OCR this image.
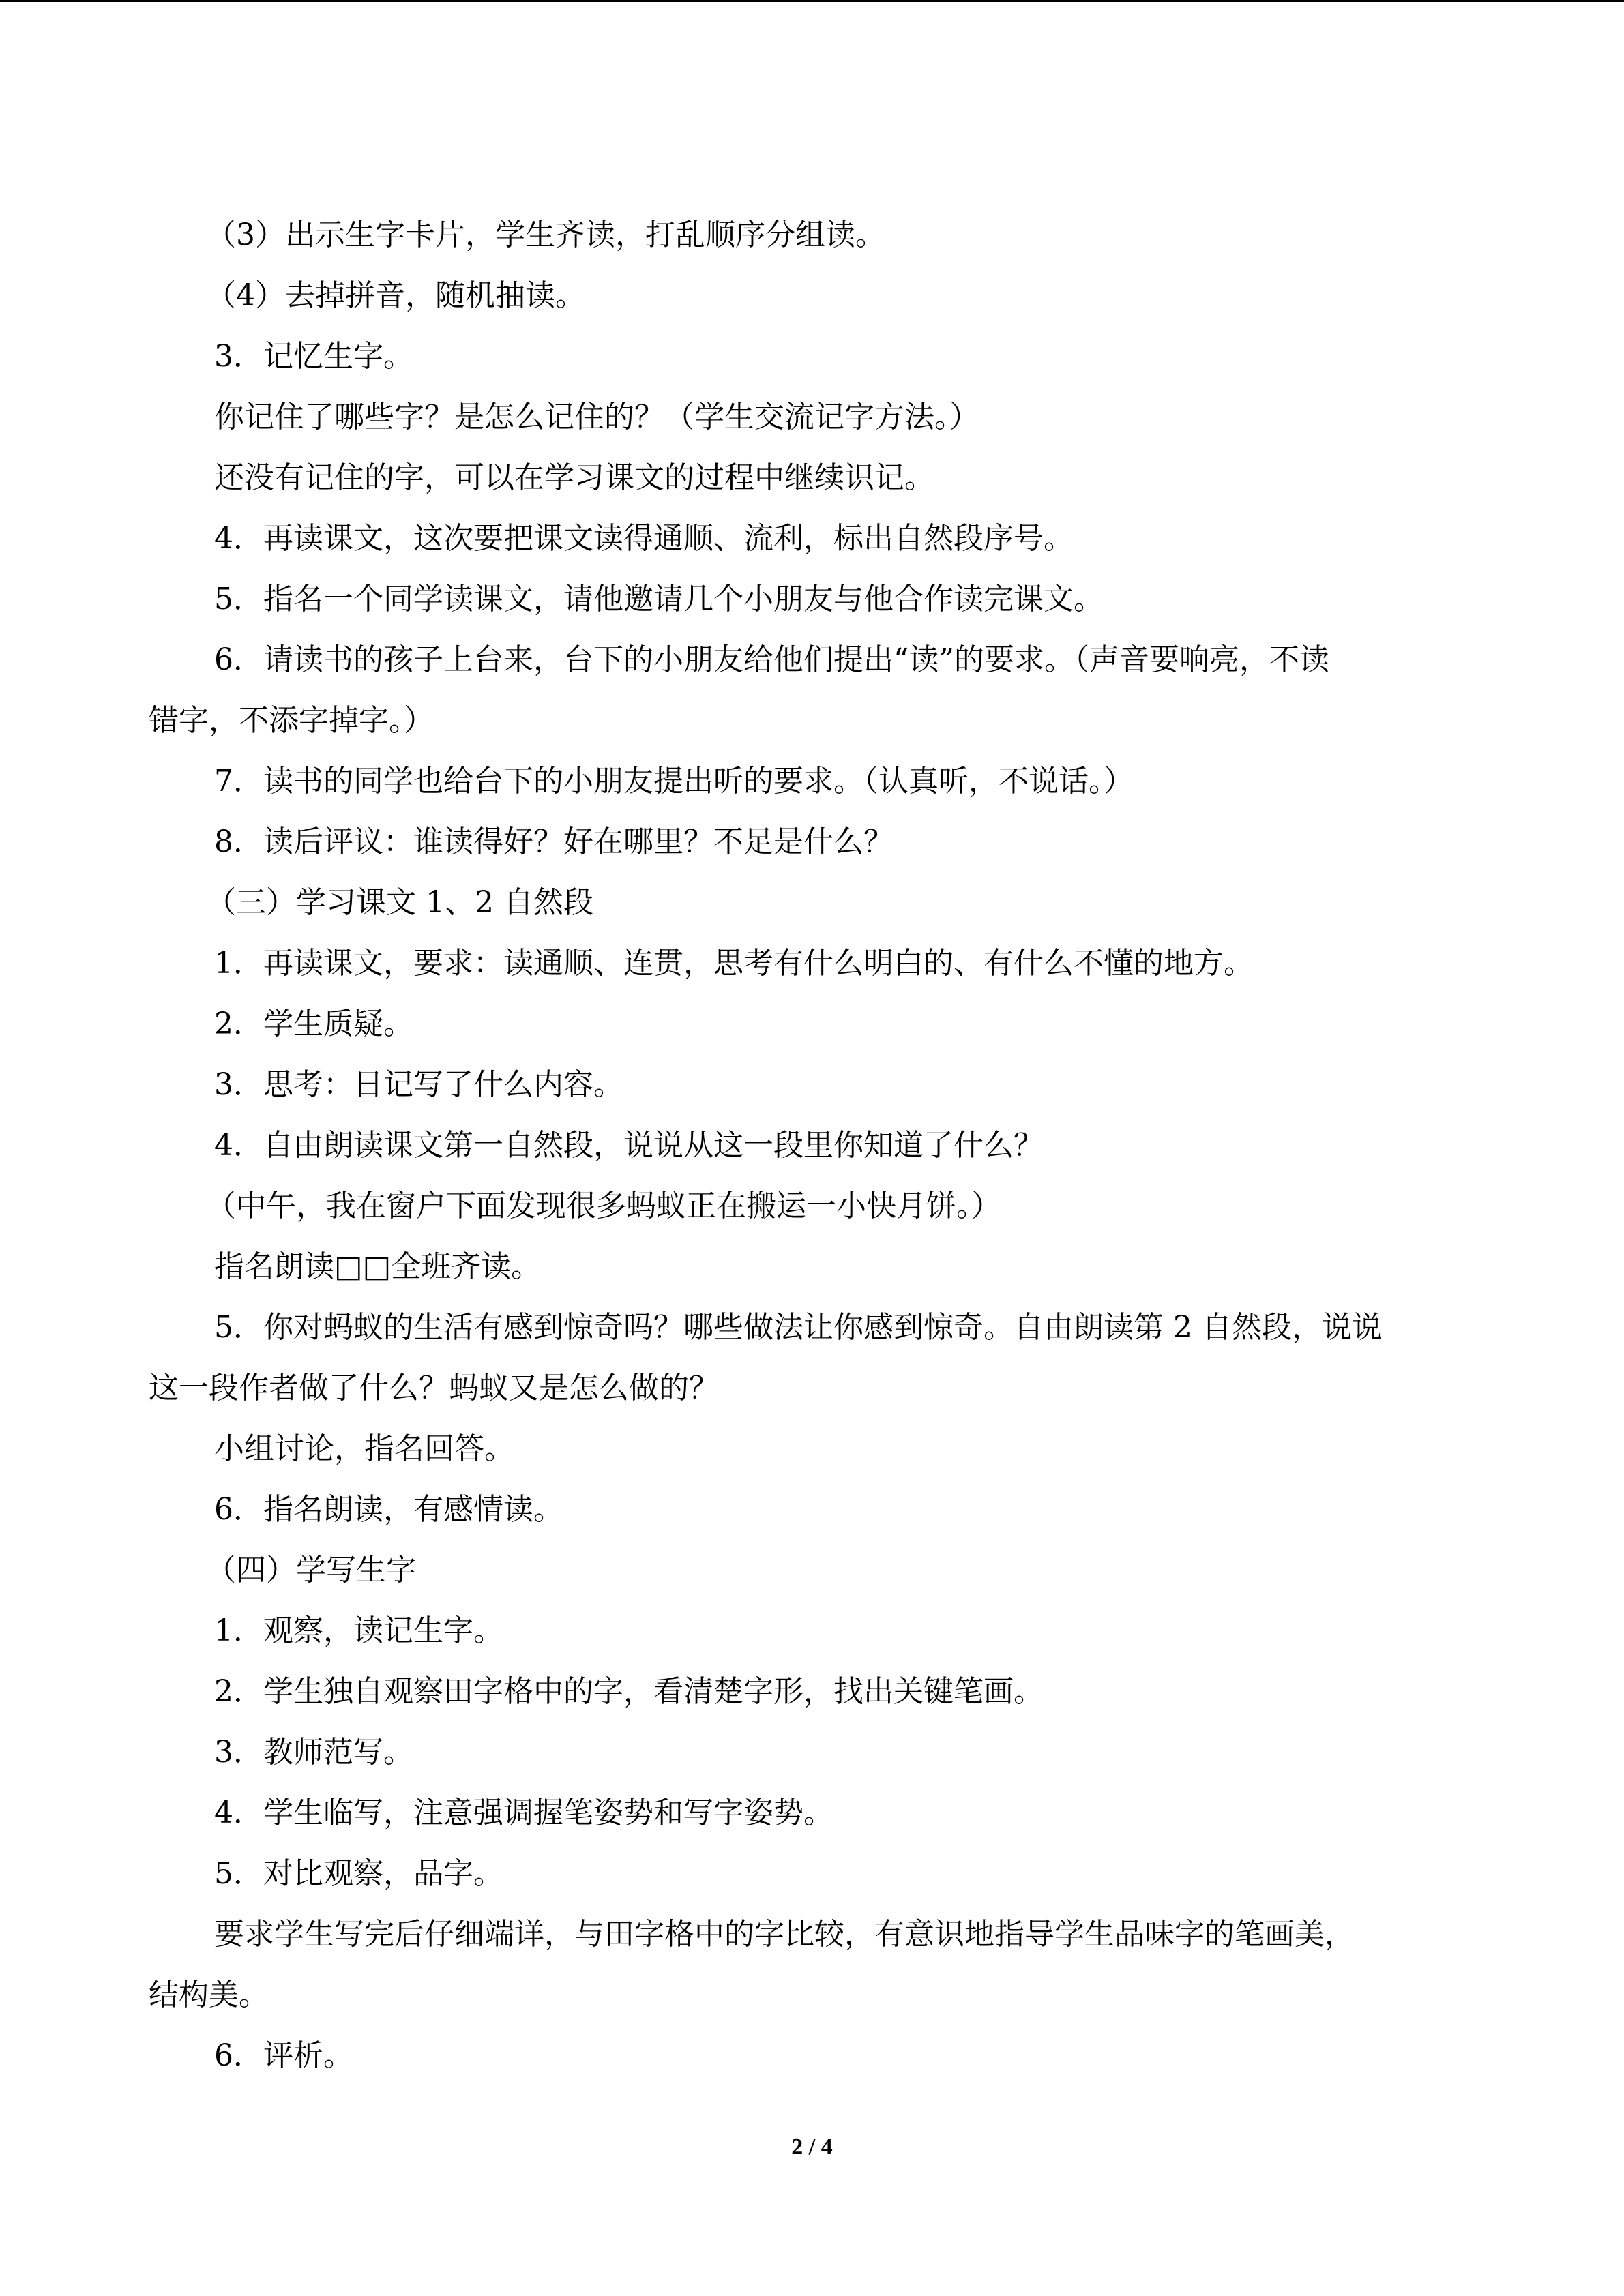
（3）出示生字卡片，学生齐读，打乱顺序分组读。

（4）去掉拼音，随机抽读。

3．记忆生字。

你记住了哪些字？是怎么记住的？（学生交流记字方法。）

还没有记住的字，可以在学习课文的过程中继续识记。

4．再读课文，这次要把课文读得通顺、流利，标出自然段序号。

5．指名一个同学读课文，请他邀请几个小朋友与他合作读完课文。

6．请读书的孩子上台来，台下的小朋友给他们提出“读”的要求。（声音要响亮，不读

错字，不添字掉字。）

7．读书的同学也给台下的小朋友提出听的要求。（认真听，不说话。）

8．读后评议：谁读得好？好在哪里？不足是什么？

（三）学习课文 1、2 自然段

1．再读课文，要求：读通顺、连贯，思考有什么明白的、有什么不懂的地方。

2．学生质疑。

3．思考：日记写了什么内容。

4．自由朗读课文第一自然段，说说从这一段里你知道了什么？

（中午，我在窗户下面发现很多蚂蚁正在搬运一小快月饼。）

指名朗读□□全班齐读。

5．你对蚂蚁的生活有感到惊奇吗？哪些做法让你感到惊奇。自由朗读第 2 自然段，说说

这一段作者做了什么？蚂蚁又是怎么做的？

小组讨论，指名回答。

6．指名朗读，有感情读。

（四）学写生字

1．观察，读记生字。

2．学生独自观察田字格中的字，看清楚字形，找出关键笔画。

3．教师范写。

4．学生临写，注意强调握笔姿势和写字姿势。

5．对比观察，品字。

要求学生写完后仔细端详，与田字格中的字比较，有意识地指导学生品味字的笔画美，

结构美。

6．评析。

2 / 4
